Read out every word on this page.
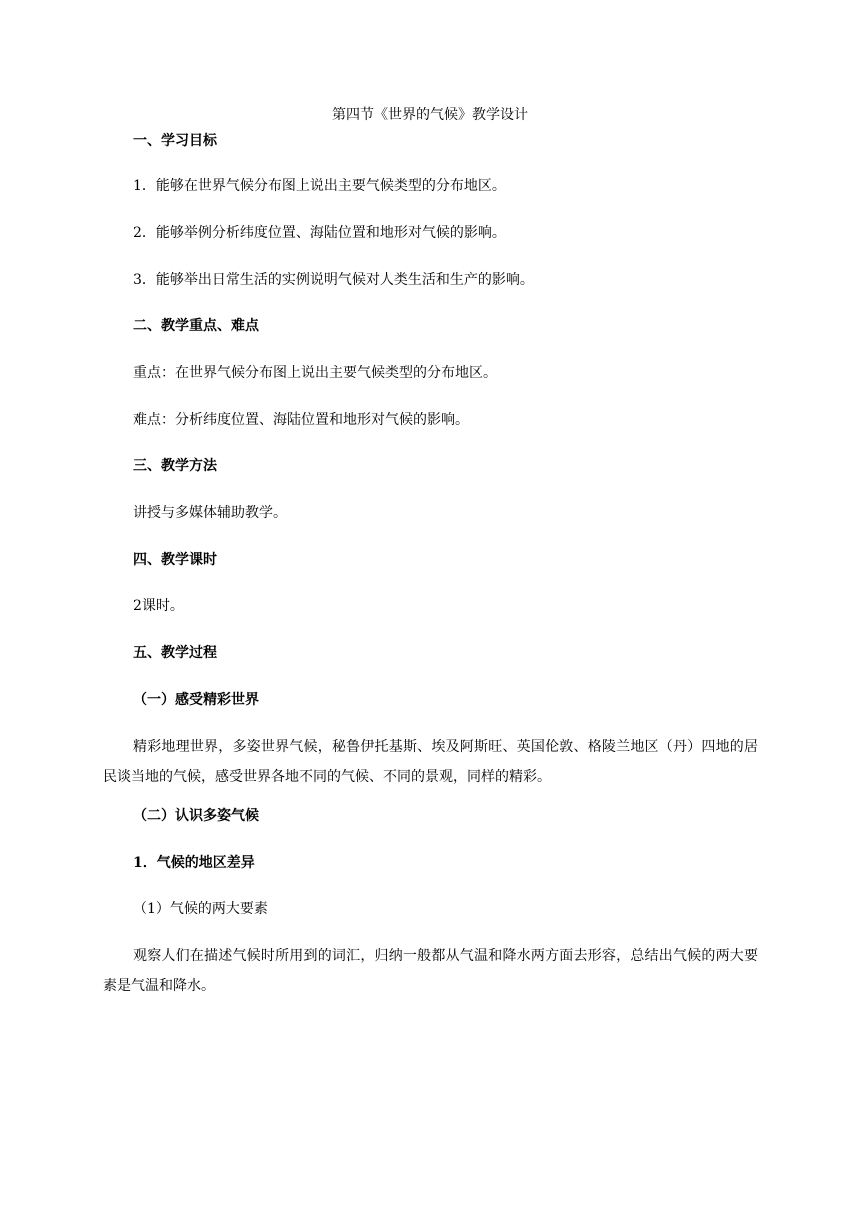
第四节《世界的气候》教学设计
一、学习目标
1．能够在世界气候分布图上说出主要气候类型的分布地区。
2．能够举例分析纬度位置、海陆位置和地形对气候的影响。
3．能够举出日常生活的实例说明气候对人类生活和生产的影响。
二、教学重点、难点
重点：在世界气候分布图上说出主要气候类型的分布地区。
难点：分析纬度位置、海陆位置和地形对气候的影响。
三、教学方法
讲授与多媒体辅助教学。
四、教学课时
2课时。
五、教学过程
（一）感受精彩世界
精彩地理世界，多姿世界气候，秘鲁伊托基斯、埃及阿斯旺、英国伦敦、格陵兰地区（丹）四地的居民谈当地的气候，感受世界各地不同的气候、不同的景观，同样的精彩。
（二）认识多姿气候
1．气候的地区差异
（1）气候的两大要素
观察人们在描述气候时所用到的词汇，归纳一般都从气温和降水两方面去形容，总结出气候的两大要素是气温和降水。
